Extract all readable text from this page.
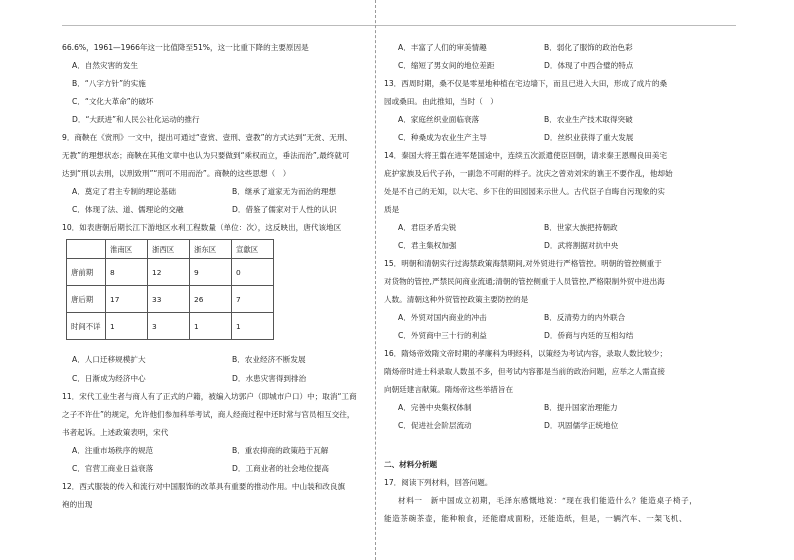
66.6%，1961—1966年这一比值降至51%，这一比重下降的主要原因是
A．自然灾害的发生
B．“八字方针”的实施
C．“文化大革命”的破坏
D．“大跃进”和人民公社化运动的推行
9．商鞅在《赏刑》一文中，提出可通过“壹赏、壹刑、壹教”的方式达到“无赏、无刑、
无教”的理想状态；商鞅在其他文章中也认为只要做到“乘权而立，垂法而治”,最终就可
达到“刑以去刑，以刑致刑”“刑可不用而治”。商鞅的这些思想（　）
A．奠定了君主专制的理论基础	B．继承了道家无为而治的理想
C．体现了法、道、儒理论的交融	D．借鉴了儒家对于人性的认识
10．如表唐朝后期长江下游地区水利工程数量（单位：次），这反映出，唐代该地区
	淮南区	浙西区	浙东区	宣歙区
唐前期	8	12	9	0
唐后期	17	33	26	7
时间不详	1	3	1	1
A．人口迁移规模扩大	B．农业经济不断发展
C．日渐成为经济中心	D．水患灾害得到排治
11．宋代工业生者与商人有了正式的户籍，被编入坊郭户（即城市户口）中；取消“工商
之子不许仕”的规定，允许他们参加科举考试，商人经商过程中还时常与官员相互交往，
书者起诉。上述政策表明，宋代
A．注重市场秩序的规范	B．重农抑商的政策趋于瓦解
C．官营工商业日益衰落	D．工商业者的社会地位提高
12．西式服装的传入和流行对中国服饰的改革具有重要的推动作用。中山装和改良旗
袍的出现
A．丰富了人们的审美情趣	B．弱化了服饰的政治色彩
C．缩短了男女间的地位差距	D．体现了中西合璧的特点
13．西周时期，桑不仅是零星地种植在宅边墙下，而且已进入大田，形成了成片的桑
园或桑田。由此推知，当时（　）
A．家庭丝织业面临衰落	B．农业生产技术取得突破
C．种桑成为农业生产主导	D．丝织业获得了重大发展
14．秦国大将王翦在进军楚国途中，连续五次派遣使臣回朝，请求秦王恩赐良田美宅
庇护家族及后代子孙，一副急不可耐的样子。沈庆之曾劝刘宋的谯王不要作乱，他却始
处是不自己的无知，以大宅、乡下住的田园园来示世人。古代臣子自晦自污现象的实
质是
A．君臣矛盾尖锐	B．世家大族把持朝政
C．君主集权加强	D．武将割据对抗中央
15．明朝和清朝实行过海禁政策海禁期间,对外贸进行严格管控。明朝的管控侧重于
对货物的管控,严禁民间商业流通;清朝的管控侧重于人员管控,严格限制外贸中进出海
人数。清朝这种外贸管控政策主要防控的是
A．外贸对国内商业的冲击	B．反清势力的内外联合
C．外贸商中三十行的利益	D．侨商与内廷的互相勾结
16．隋炀帝效隋文帝时期的孝廉科为明经科，以策经为考试内容，录取人数比较少；
隋炀帝时进士科录取人数虽不多，但考试内容都是当前的政治问题，应举之人需直接
向朝廷建言献策。隋炀帝这些举措旨在
A．完善中央集权体制	B．提升国家治理能力
C．促进社会阶层流动	D．巩固儒学正统地位
二、材料分析题
17．阅读下列材料，回答问题。
材料一　新中国成立初期，毛泽东感慨地说：“现在我们能造什么？能造桌子椅子，
能造茶碗茶壶，能种粮食，还能磨成面粉，还能造纸，但是，一辆汽车、一架飞机、
